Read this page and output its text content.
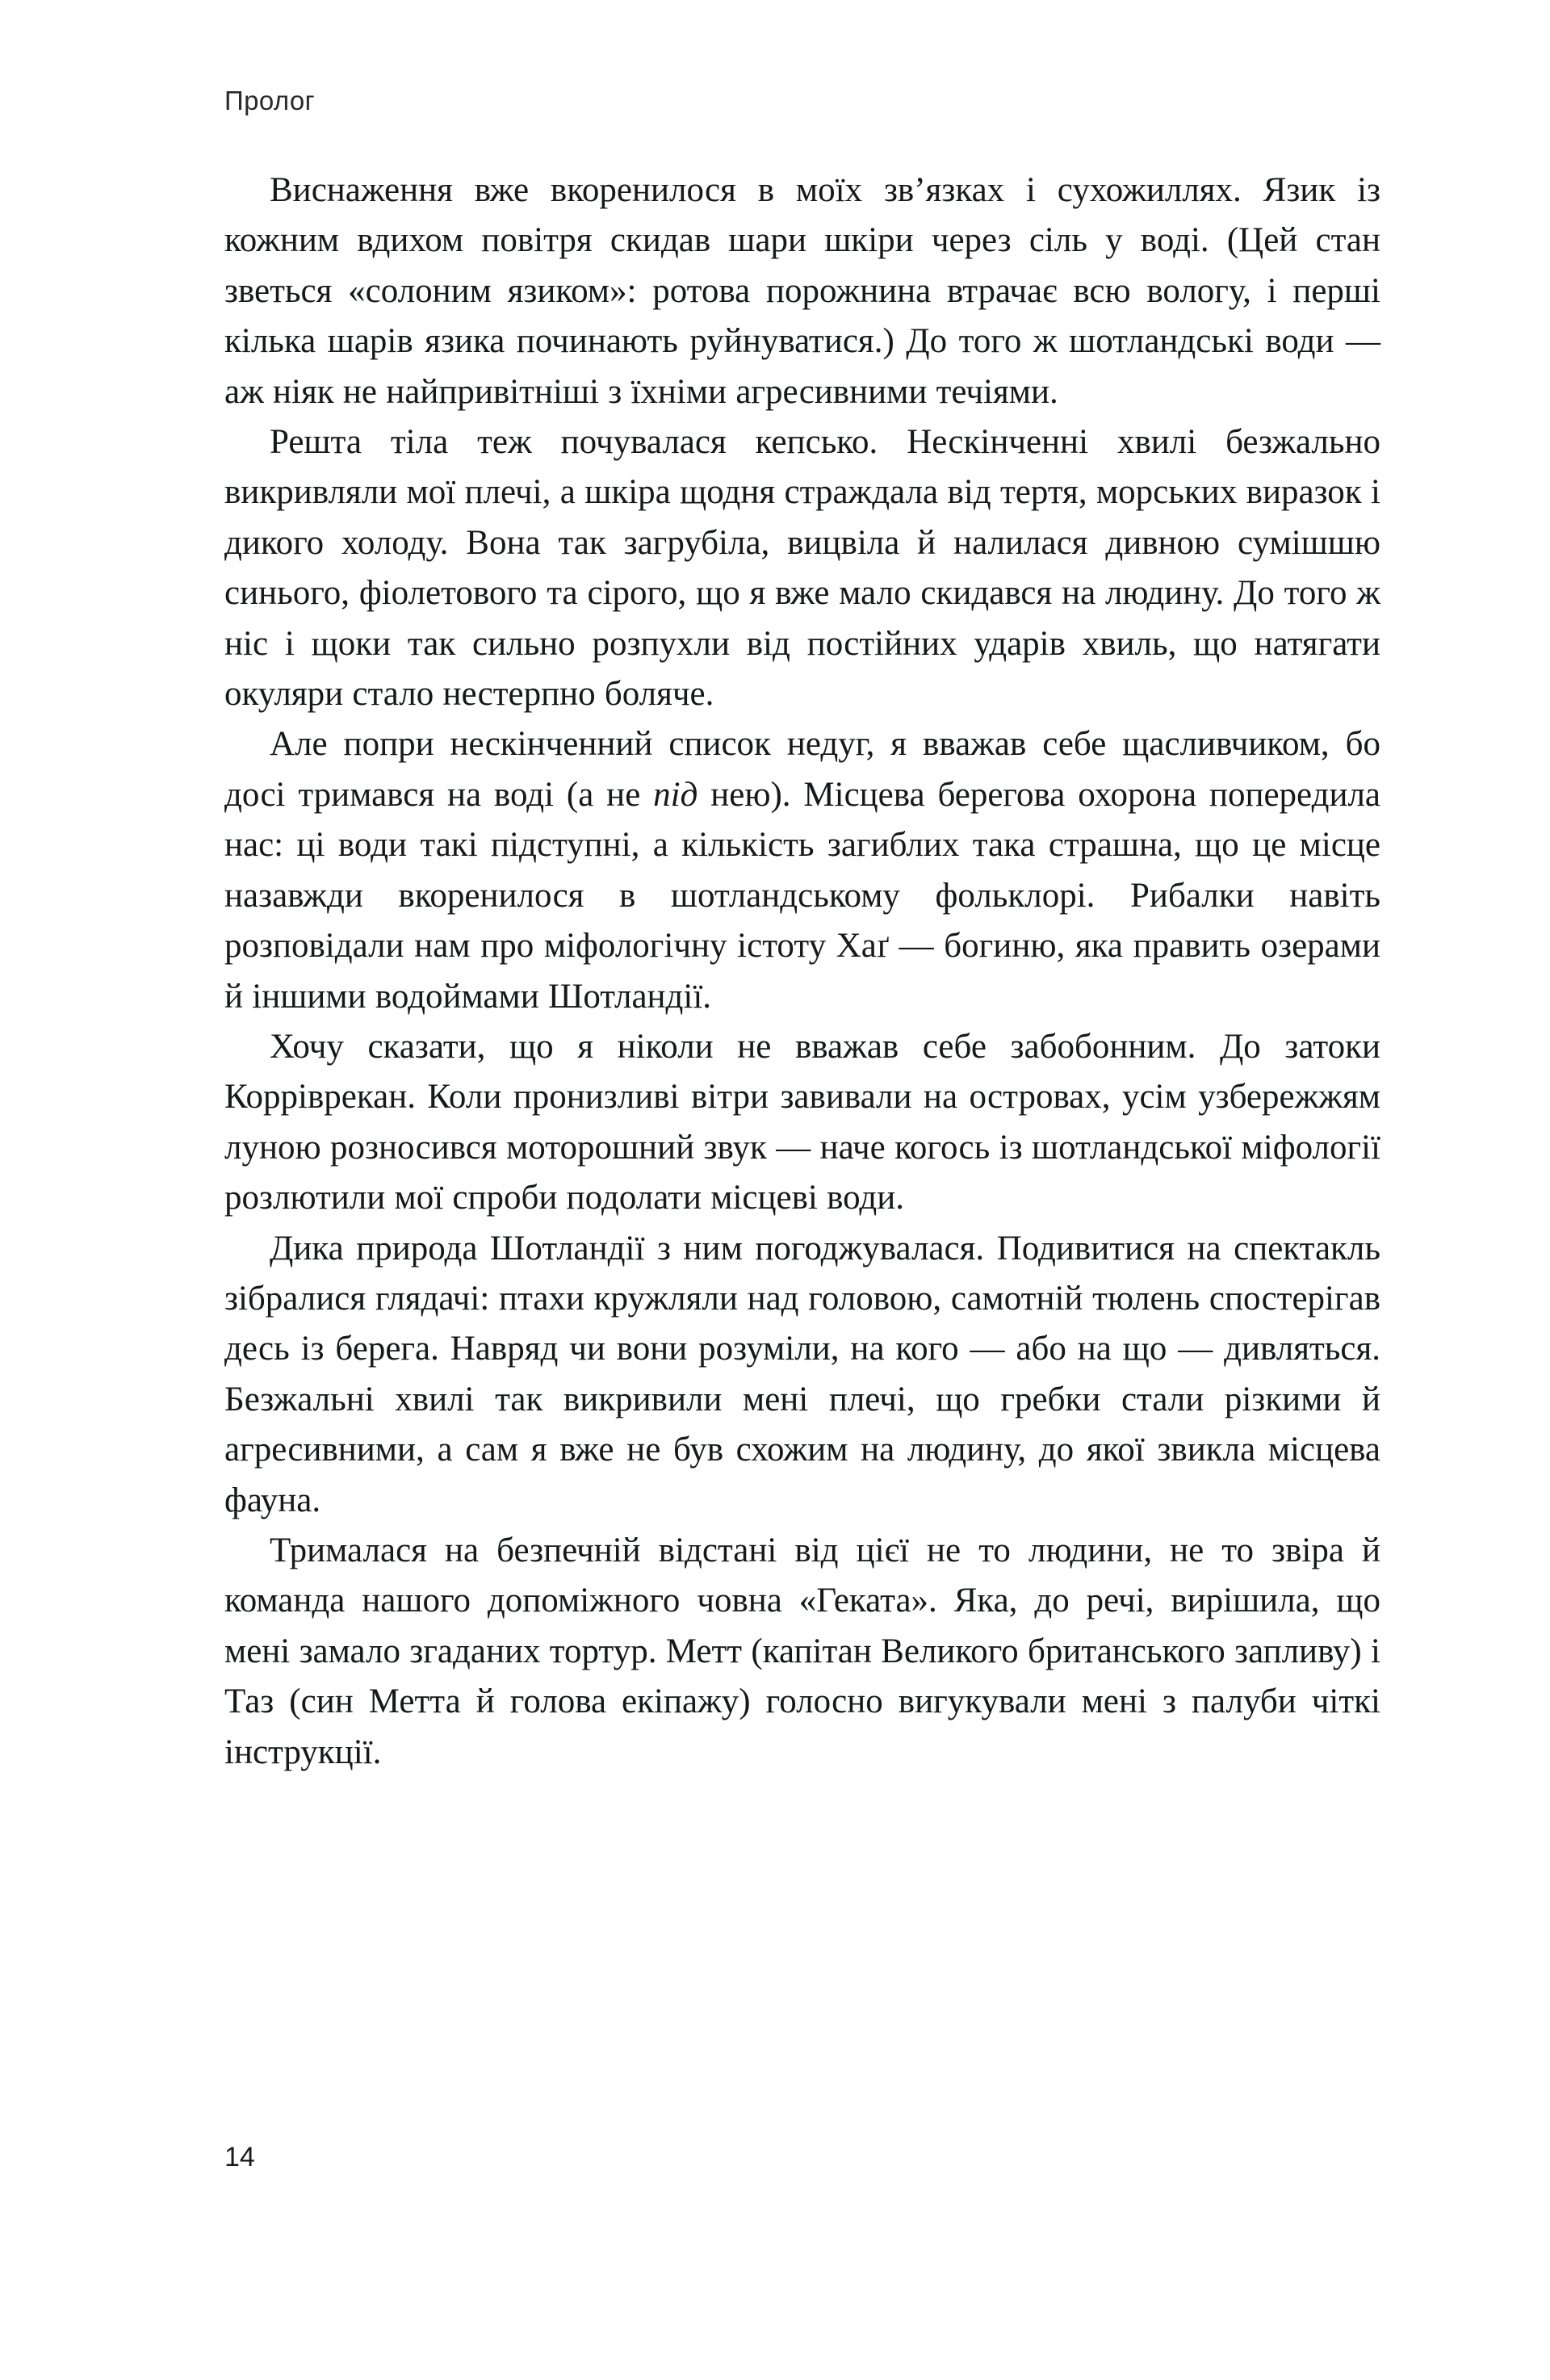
Пролог

Виснаження вже вкоренилося в моїх зв’язках і сухожиллях. Язик із кожним вдихом повітря скидав шари шкіри через сіль у воді. (Цей стан зветься «солоним язиком»: ротова порожнина втрачає всю вологу, і перші кілька шарів язика починають руйнуватися.) До того ж шотландські води — аж ніяк не найпривітніші з їхніми агресивними течіями.

Решта тіла теж почувалася кепсько. Нескінченні хвилі безжально викривляли мої плечі, а шкіра щодня страждала від тертя, морських виразок і дикого холоду. Вона так загрубіла, вицвіла й налилася дивною сумішшю синього, фіолетового та сірого, що я вже мало скидався на людину. До того ж ніс і щоки так сильно розпухли від постійних ударів хвиль, що натягати окуляри стало нестерпно боляче.

Але попри нескінченний список недуг, я вважав себе щасливчиком, бо досі тримався на воді (а не під нею). Місцева берегова охорона попередила нас: ці води такі підступні, а кількість загиблих така страшна, що це місце назавжди вкоренилося в шотландському фольклорі. Рибалки навіть розповідали нам про міфологічну істоту Хаґ — богиню, яка править озерами й іншими водоймами Шотландії.

Хочу сказати, що я ніколи не вважав себе забобонним. До затоки Корріврекан. Коли пронизливі вітри завивали на островах, усім узбережжям луною розносився моторошний звук — наче когось із шотландської міфології розлютили мої спроби подолати місцеві води.

Дика природа Шотландії з ним погоджувалася. Подивитися на спектакль зібралися глядачі: птахи кружляли над головою, самотній тюлень спостерігав десь із берега. Навряд чи вони розуміли, на кого — або на що — дивляться. Безжальні хвилі так викривили мені плечі, що гребки стали різкими й агресивними, а сам я вже не був схожим на людину, до якої звикла місцева фауна.

Трималася на безпечній відстані від цієї не то людини, не то звіра й команда нашого допоміжного човна «Геката». Яка, до речі, вирішила, що мені замало згаданих тортур. Метт (капітан Великого британського запливу) і Таз (син Метта й голова екіпажу) голосно вигукували мені з палуби чіткі інструкції.

14
